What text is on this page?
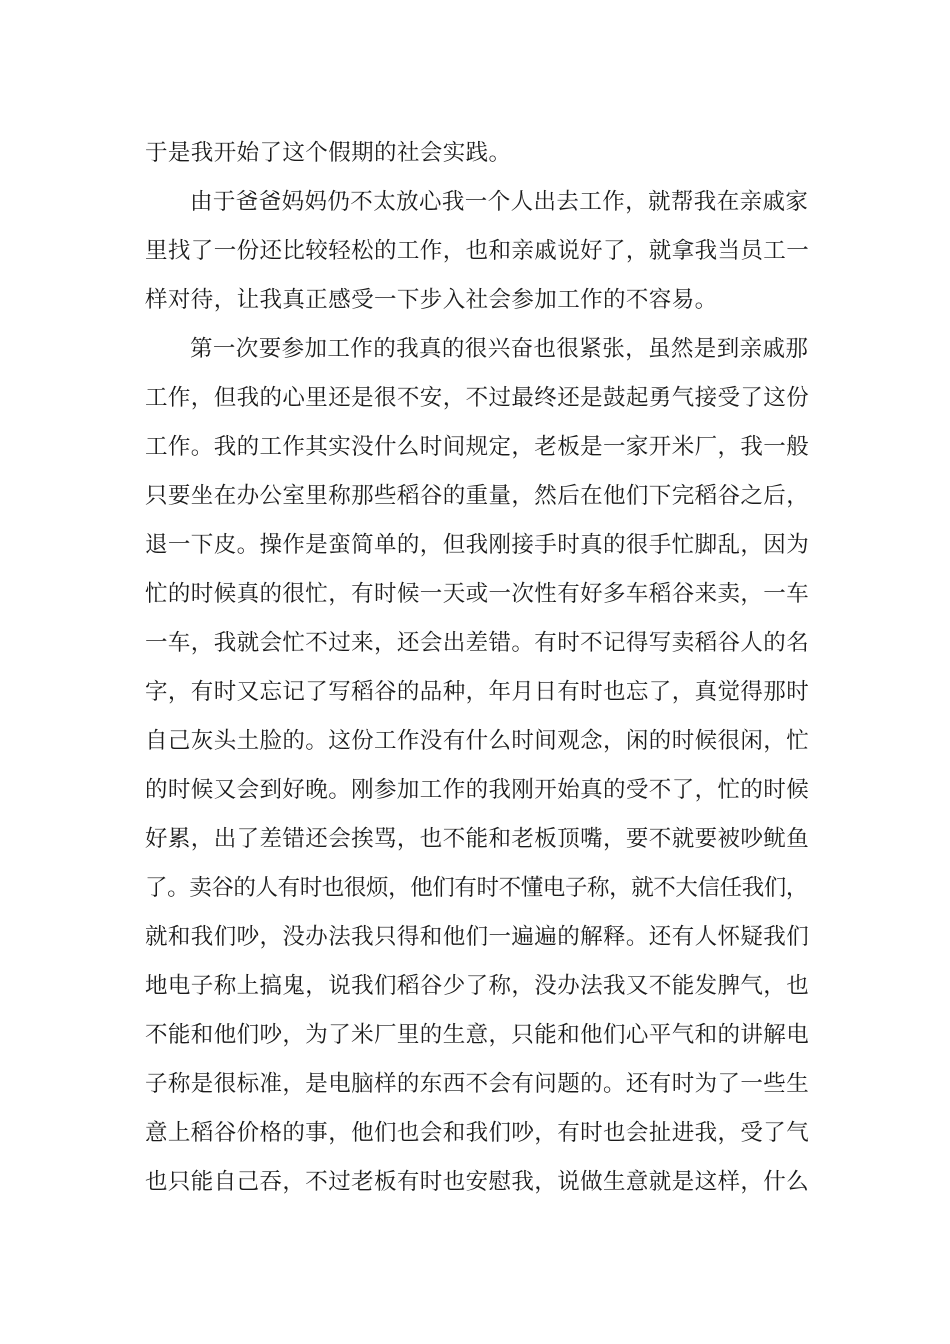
于是我开始了这个假期的社会实践。
由于爸爸妈妈仍不太放心我一个人出去工作，就帮我在亲戚家
里找了一份还比较轻松的工作，也和亲戚说好了，就拿我当员工一
样对待，让我真正感受一下步入社会参加工作的不容易。
第一次要参加工作的我真的很兴奋也很紧张，虽然是到亲戚那
工作，但我的心里还是很不安，不过最终还是鼓起勇气接受了这份
工作。我的工作其实没什么时间规定，老板是一家开米厂，我一般
只要坐在办公室里称那些稻谷的重量，然后在他们下完稻谷之后，
退一下皮。操作是蛮简单的，但我刚接手时真的很手忙脚乱，因为
忙的时候真的很忙，有时候一天或一次性有好多车稻谷来卖，一车
一车，我就会忙不过来，还会出差错。有时不记得写卖稻谷人的名
字，有时又忘记了写稻谷的品种，年月日有时也忘了，真觉得那时
自己灰头土脸的。这份工作没有什么时间观念，闲的时候很闲，忙
的时候又会到好晚。刚参加工作的我刚开始真的受不了，忙的时候
好累，出了差错还会挨骂，也不能和老板顶嘴，要不就要被吵鱿鱼
了。卖谷的人有时也很烦，他们有时不懂电子称，就不大信任我们，
就和我们吵，没办法我只得和他们一遍遍的解释。还有人怀疑我们
地电子称上搞鬼，说我们稻谷少了称，没办法我又不能发脾气，也
不能和他们吵，为了米厂里的生意，只能和他们心平气和的讲解电
子称是很标准，是电脑样的东西不会有问题的。还有时为了一些生
意上稻谷价格的事，他们也会和我们吵，有时也会扯进我，受了气
也只能自己吞，不过老板有时也安慰我，说做生意就是这样，什么
